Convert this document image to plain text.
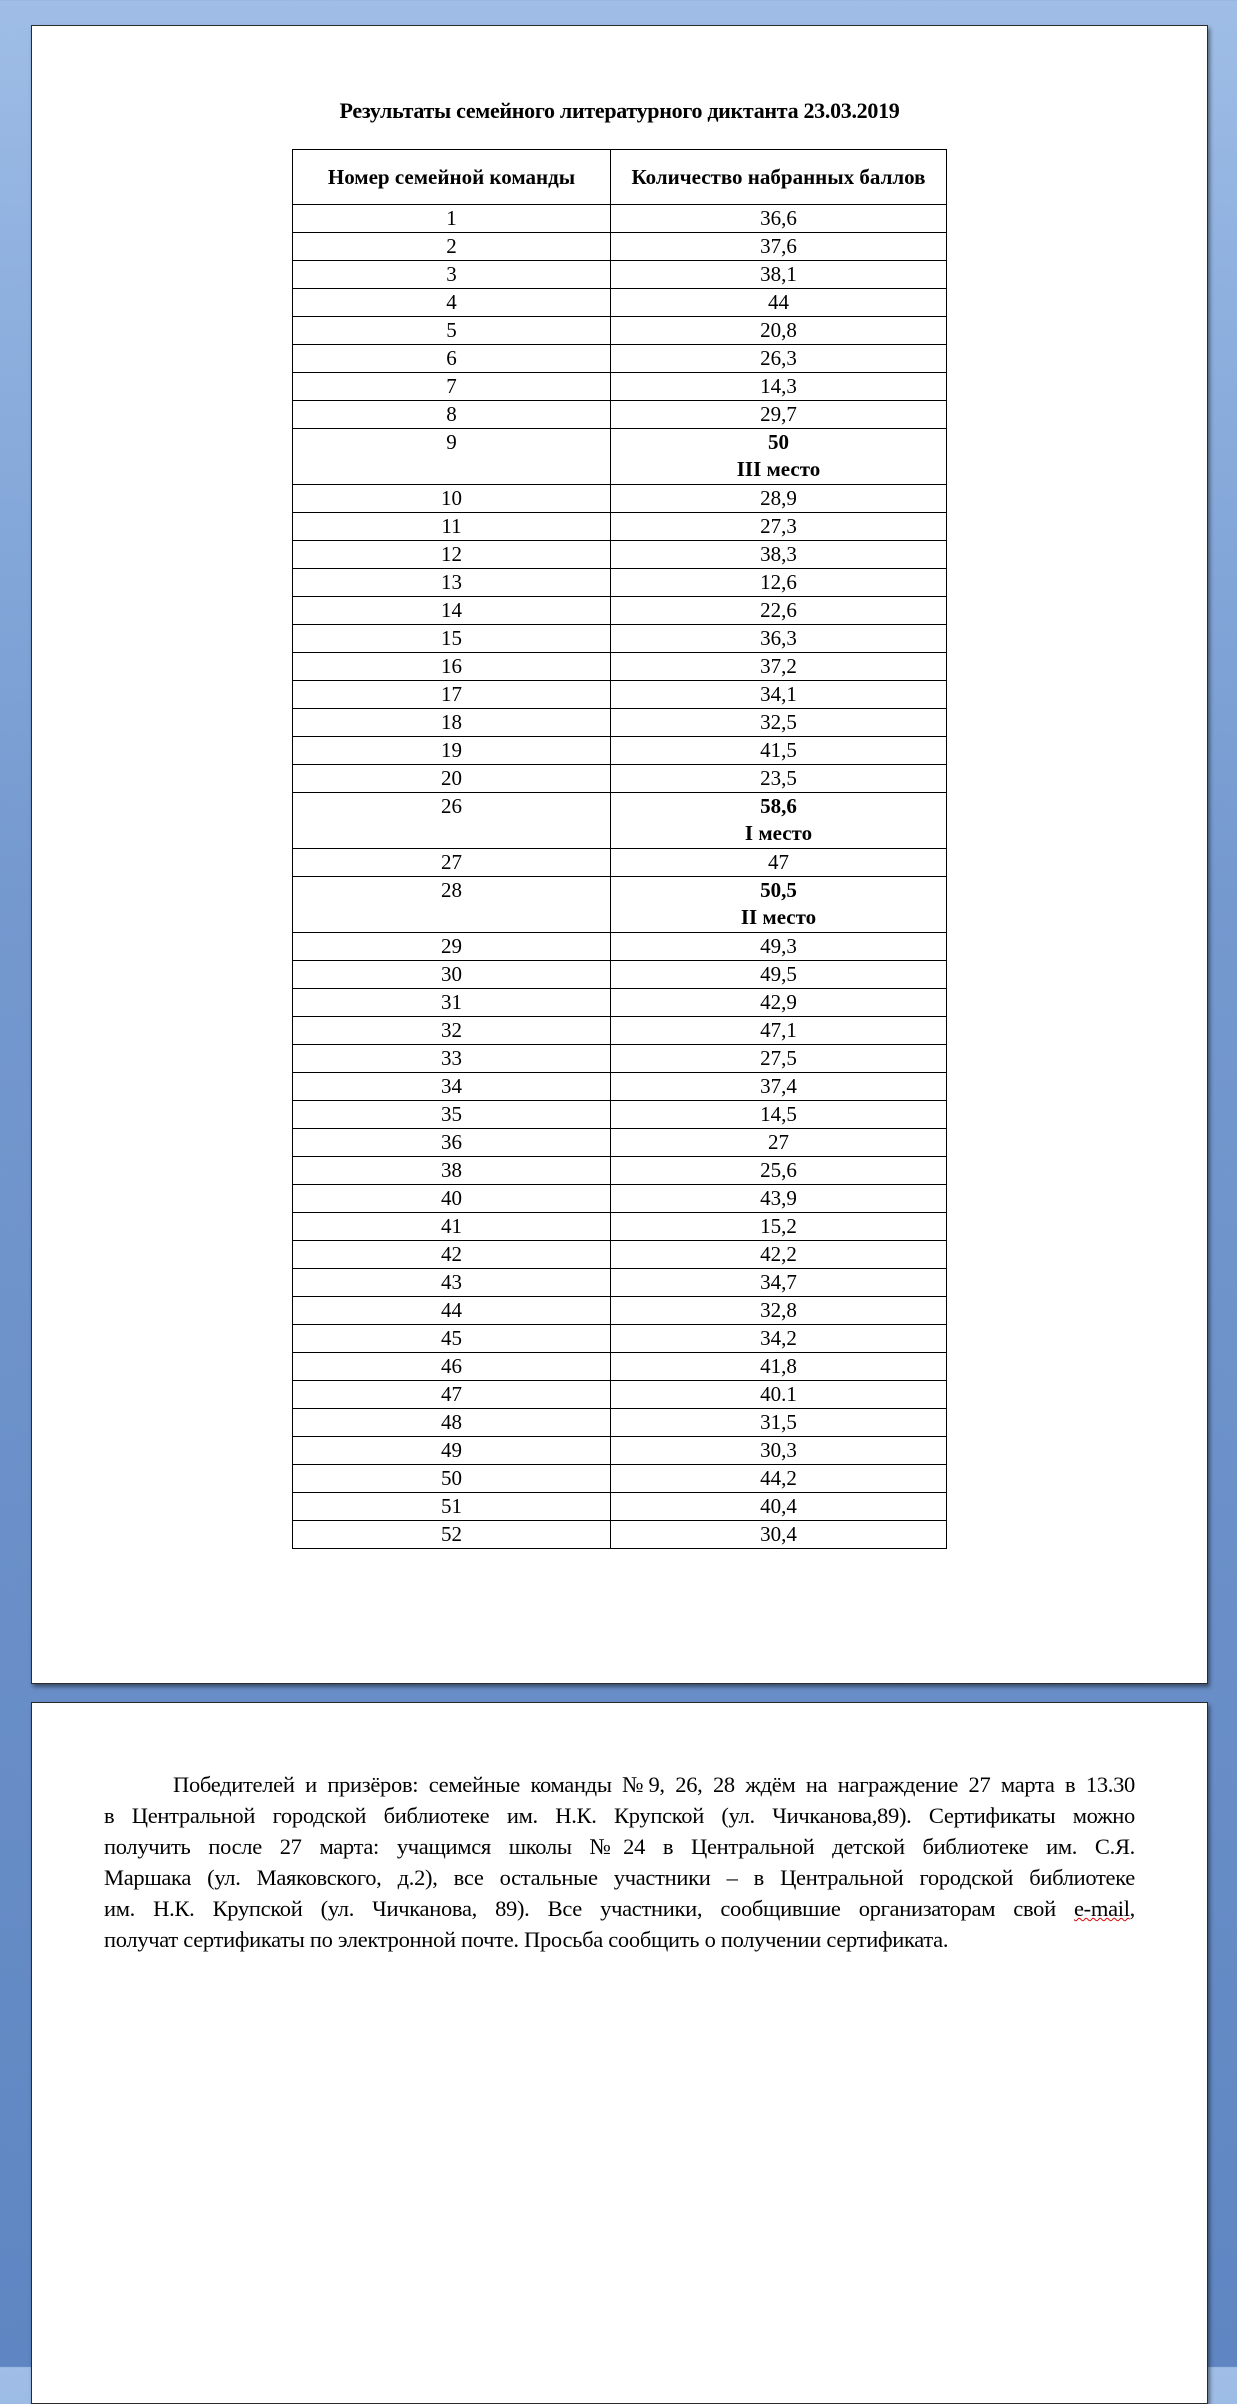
Результаты семейного литературного диктанта 23.03.2019
Номер семейной команды	Количество набранных баллов
1	36,6

2	37,6

3	38,1

4	44

5	20,8

6	26,3

7	14,3

8	29,7

9	50
III место

10	28,9

11	27,3

12	38,3

13	12,6

14	22,6

15	36,3

16	37,2

17	34,1

18	32,5

19	41,5

20	23,5

26	58,6
I место

27	47

28	50,5
II место

29	49,3

30	49,5

31	42,9

32	47,1

33	27,5

34	37,4

35	14,5

36	27

38	25,6

40	43,9

41	15,2

42	42,2

43	34,7

44	32,8

45	34,2

46	41,8

47	40.1

48	31,5

49	30,3

50	44,2

51	40,4

52	30,4
Победителей и призёров: семейные команды №9, 26, 28 ждём на награждение 27 марта в 13.30
в Центральной городской библиотеке им. Н.К. Крупской (ул. Чичканова,89). Сертификаты можно
получить после 27 марта: учащимся школы №24 в Центральной детской библиотеке им. С.Я.
Маршака (ул. Маяковского, д.2), все остальные участники – в Центральной городской библиотеке
им. Н.К. Крупской (ул. Чичканова, 89). Все участники, сообщившие организаторам свой e-mail,
получат сертификаты по электронной почте. Просьба сообщить о получении сертификата.
